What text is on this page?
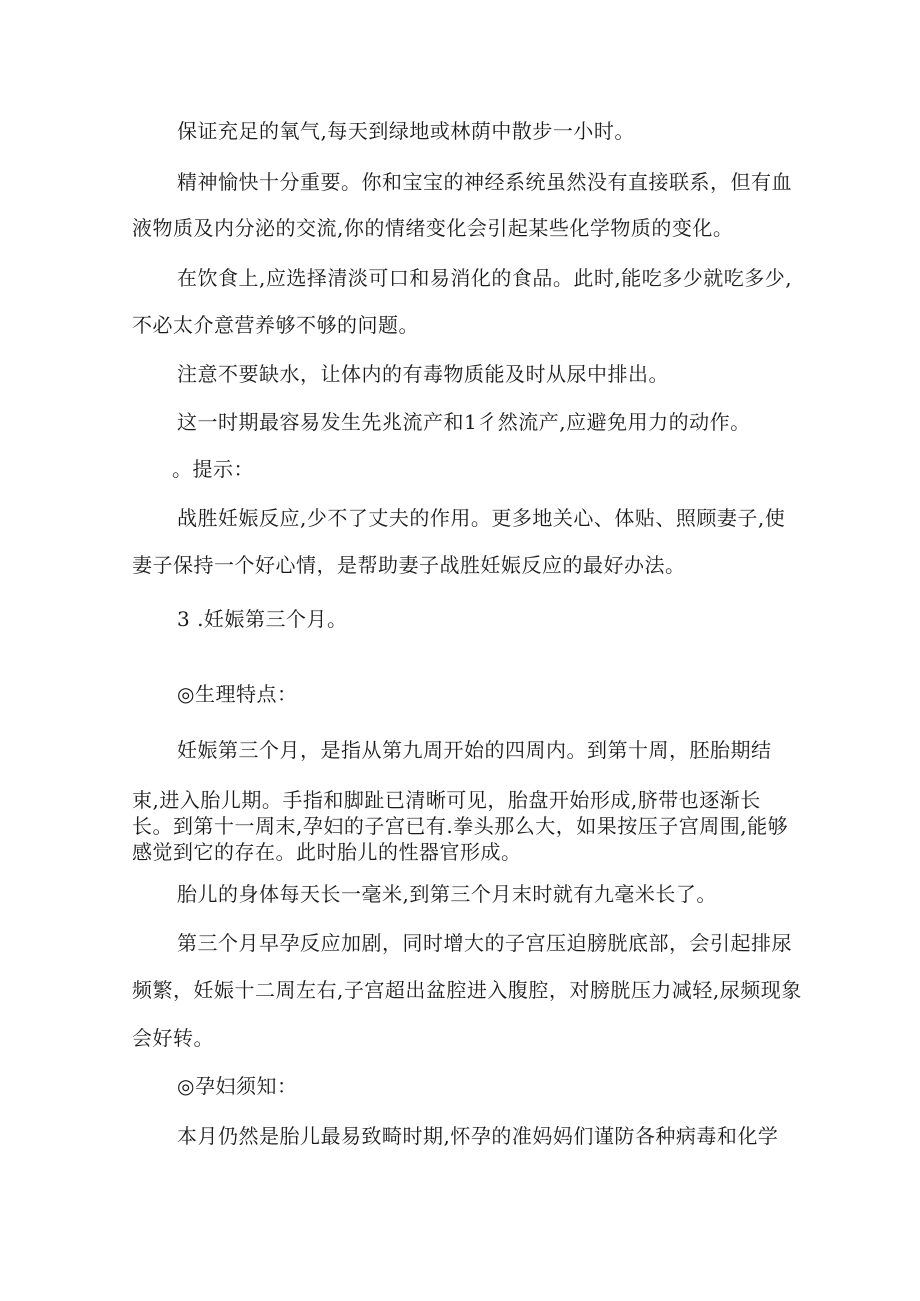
保证充足的氧气,每天到绿地或林荫中散步一小时。

精神愉快十分重要。你和宝宝的神经系统虽然没有直接联系，但有血

液物质及内分泌的交流,你的情绪变化会引起某些化学物质的变化。

在饮食上,应选择清淡可口和易消化的食品。此时,能吃多少就吃多少,

不必太介意营养够不够的问题。

注意不要缺水，让体内的有毒物质能及时从尿中排出。

这一时期最容易发生先兆流产和1彳然流产,应避免用力的动作。

。提示：

战胜妊娠反应,少不了丈夫的作用。更多地关心、体贴、照顾妻子,使

妻子保持一个好心情，是帮助妻子战胜妊娠反应的最好办法。

3 .妊娠第三个月。

◎生理特点：

妊娠第三个月，是指从第九周开始的四周内。到第十周，胚胎期结

束,进入胎儿期。手指和脚趾已清晰可见，胎盘开始形成,脐带也逐渐长

长。到第十一周末,孕妇的子宫已有.拳头那么大，如果按压子宫周围,能够

感觉到它的存在。此时胎儿的性器官形成。

胎儿的身体每天长一毫米,到第三个月末时就有九毫米长了。

第三个月早孕反应加剧，同时增大的子宫压迫膀胱底部，会引起排尿

频繁，妊娠十二周左右,子宫超出盆腔进入腹腔，对膀胱压力减轻,尿频现象

会好转。

◎孕妇须知：

本月仍然是胎儿最易致畸时期,怀孕的准妈妈们谨防各种病毒和化学
